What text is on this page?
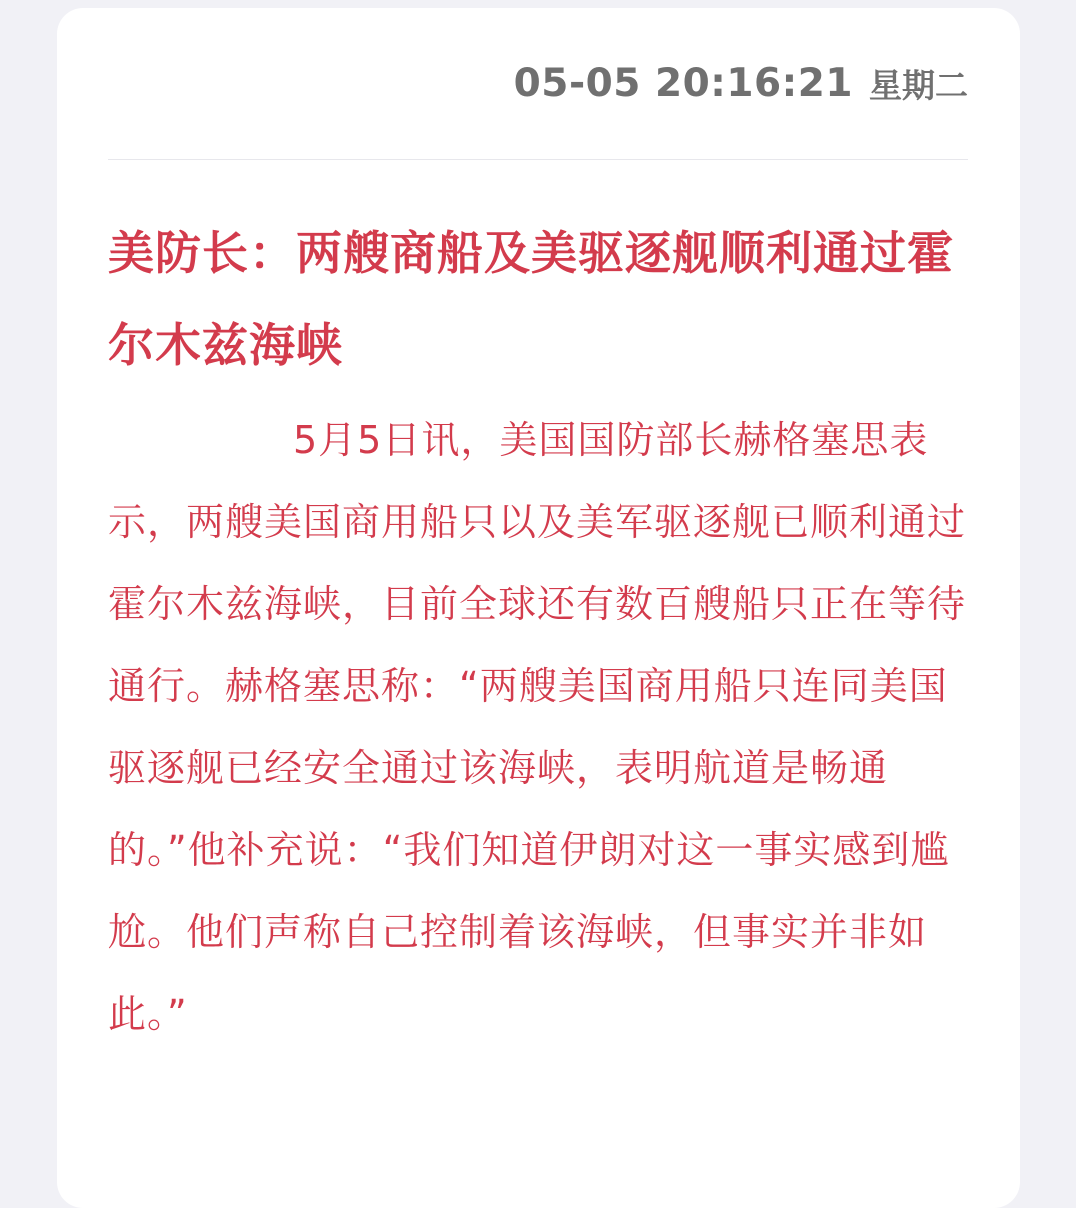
05-05 20:16:21 星期二
美防长：两艘商船及美驱逐舰顺利通过霍尔木兹海峡

5月5日讯，美国国防部长赫格塞思表示，两艘美国商用船只以及美军驱逐舰已顺利通过霍尔木兹海峡，目前全球还有数百艘船只正在等待通行。赫格塞思称：“两艘美国商用船只连同美国驱逐舰已经安全通过该海峡，表明航道是畅通的。”他补充说：“我们知道伊朗对这一事实感到尴尬。他们声称自己控制着该海峡，但事实并非如此。”
